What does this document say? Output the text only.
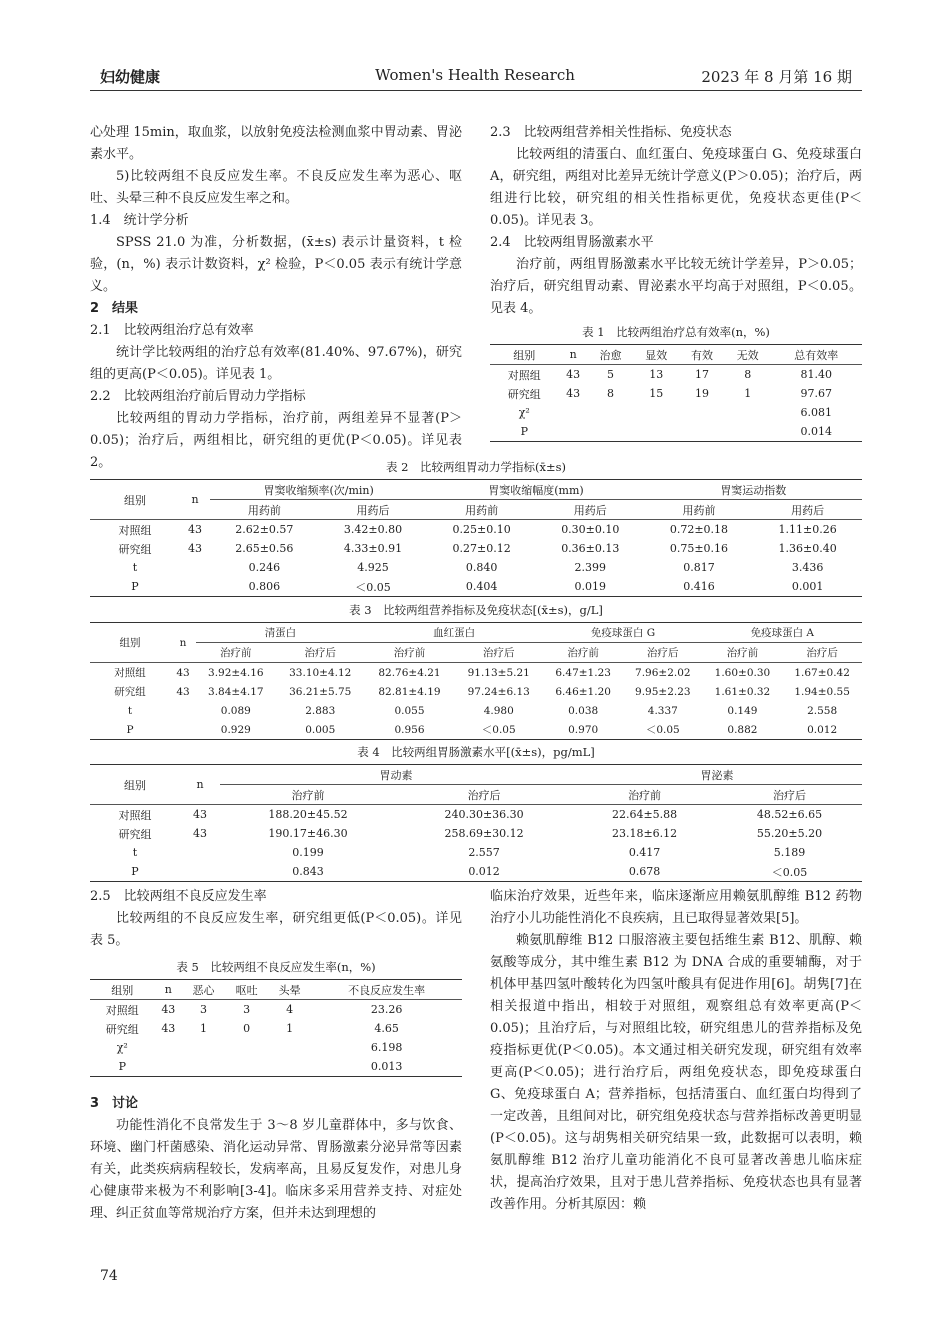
妇幼健康	Women's Health Research	2023 年 8 月第 16 期

心处理 15min，取血浆，以放射免疫法检测血浆中胃动素、胃泌素水平。

5)比较两组不良反应发生率。不良反应发生率为恶心、呕吐、头晕三种不良反应发生率之和。

1.4　统计学分析

SPSS 21.0 为准，分析数据，(x̄±s) 表示计量资料，t 检验，(n，%) 表示计数资料，χ² 检验，P＜0.05 表示有统计学意义。

2　结果

2.1　比较两组治疗总有效率

统计学比较两组的治疗总有效率(81.40%、97.67%)，研究组的更高(P＜0.05)。详见表 1。

2.2　比较两组治疗前后胃动力学指标

比较两组的胃动力学指标，治疗前，两组差异不显著(P＞0.05)；治疗后，两组相比，研究组的更优(P＜0.05)。详见表 2。

2.3　比较两组营养相关性指标、免疫状态

比较两组的清蛋白、血红蛋白、免疫球蛋白 G、免疫球蛋白 A，研究组，两组对比差异无统计学意义(P＞0.05)；治疗后，两组进行比较，研究组的相关性指标更优，免疫状态更佳(P＜0.05)。详见表 3。

2.4　比较两组胃肠激素水平

治疗前，两组胃肠激素水平比较无统计学差异，P＞0.05；治疗后，研究组胃动素、胃泌素水平均高于对照组，P＜0.05。见表 4。

表 1　比较两组治疗总有效率(n，%)
组别	n	治愈	显效	有效	无效	总有效率
对照组	43	5	13	17	8	81.40
研究组	43	8	15	19	1	97.67
χ²						6.081
P						0.014
表 2　比较两组胃动力学指标(x̄±s)
组别	n	胃窦收缩频率(次/min)		胃窦收缩幅度(mm)		胃窦运动指数	
		用药前	用药后	用药前	用药后	用药前	用药后
对照组	43	2.62±0.57	3.42±0.80	0.25±0.10	0.30±0.10	0.72±0.18	1.11±0.26
研究组	43	2.65±0.56	4.33±0.91	0.27±0.12	0.36±0.13	0.75±0.16	1.36±0.40
t		0.246	4.925	0.840	2.399	0.817	3.436
P		0.806	＜0.05	0.404	0.019	0.416	0.001
表 3　比较两组营养指标及免疫状态[(x̄±s)，g/L]
组别	n	清蛋白		血红蛋白		免疫球蛋白 G		免疫球蛋白 A	
		治疗前	治疗后	治疗前	治疗后	治疗前	治疗后	治疗前	治疗后
对照组	43	3.92±4.16	33.10±4.12	82.76±4.21	91.13±5.21	6.47±1.23	7.96±2.02	1.60±0.30	1.67±0.42
研究组	43	3.84±4.17	36.21±5.75	82.81±4.19	97.24±6.13	6.46±1.20	9.95±2.23	1.61±0.32	1.94±0.55
t		0.089	2.883	0.055	4.980	0.038	4.337	0.149	2.558
P		0.929	0.005	0.956	＜0.05	0.970	＜0.05	0.882	0.012
表 4　比较两组胃肠激素水平[(x̄±s)，pg/mL]
组别	n	胃动素		胃泌素	
		治疗前	治疗后	治疗前	治疗后
对照组	43	188.20±45.52	240.30±36.30	22.64±5.88	48.52±6.65
研究组	43	190.17±46.30	258.69±30.12	23.18±6.12	55.20±5.20
t		0.199	2.557	0.417	5.189
P		0.843	0.012	0.678	＜0.05

2.5　比较两组不良反应发生率

比较两组的不良反应发生率，研究组更低(P＜0.05)。详见表 5。

表 5　比较两组不良反应发生率(n，%)
组别	n	恶心	呕吐	头晕	不良反应发生率
对照组	43	3	3	4	23.26
研究组	43	1	0	1	4.65
χ²					6.198
P					0.013

3　讨论

功能性消化不良常发生于 3～8 岁儿童群体中，多与饮食、环境、幽门杆菌感染、消化运动异常、胃肠激素分泌异常等因素有关，此类疾病病程较长，发病率高，且易反复发作，对患儿身心健康带来极为不利影响[3-4]。临床多采用营养支持、对症处理、纠正贫血等常规治疗方案，但并未达到理想的

临床治疗效果，近些年来，临床逐渐应用赖氨肌醇维 B12 药物治疗小儿功能性消化不良疾病，且已取得显著效果[5]。

赖氨肌醇维 B12 口服溶液主要包括维生素 B12、肌醇、赖氨酸等成分，其中维生素 B12 为 DNA 合成的重要辅酶，对于机体甲基四氢叶酸转化为四氢叶酸具有促进作用[6]。胡隽[7]在相关报道中指出，相较于对照组，观察组总有效率更高(P＜0.05)；且治疗后，与对照组比较，研究组患儿的营养指标及免疫指标更优(P＜0.05)。本文通过相关研究发现，研究组有效率更高(P＜0.05)；进行治疗后，两组免疫状态，即免疫球蛋白 G、免疫球蛋白 A；营养指标，包括清蛋白、血红蛋白均得到了一定改善，且组间对比，研究组免疫状态与营养指标改善更明显(P＜0.05)。这与胡隽相关研究结果一致，此数据可以表明，赖氨肌醇维 B12 治疗儿童功能消化不良可显著改善患儿临床症状，提高治疗效果，且对于患儿营养指标、免疫状态也具有显著改善作用。分析其原因：赖

74
